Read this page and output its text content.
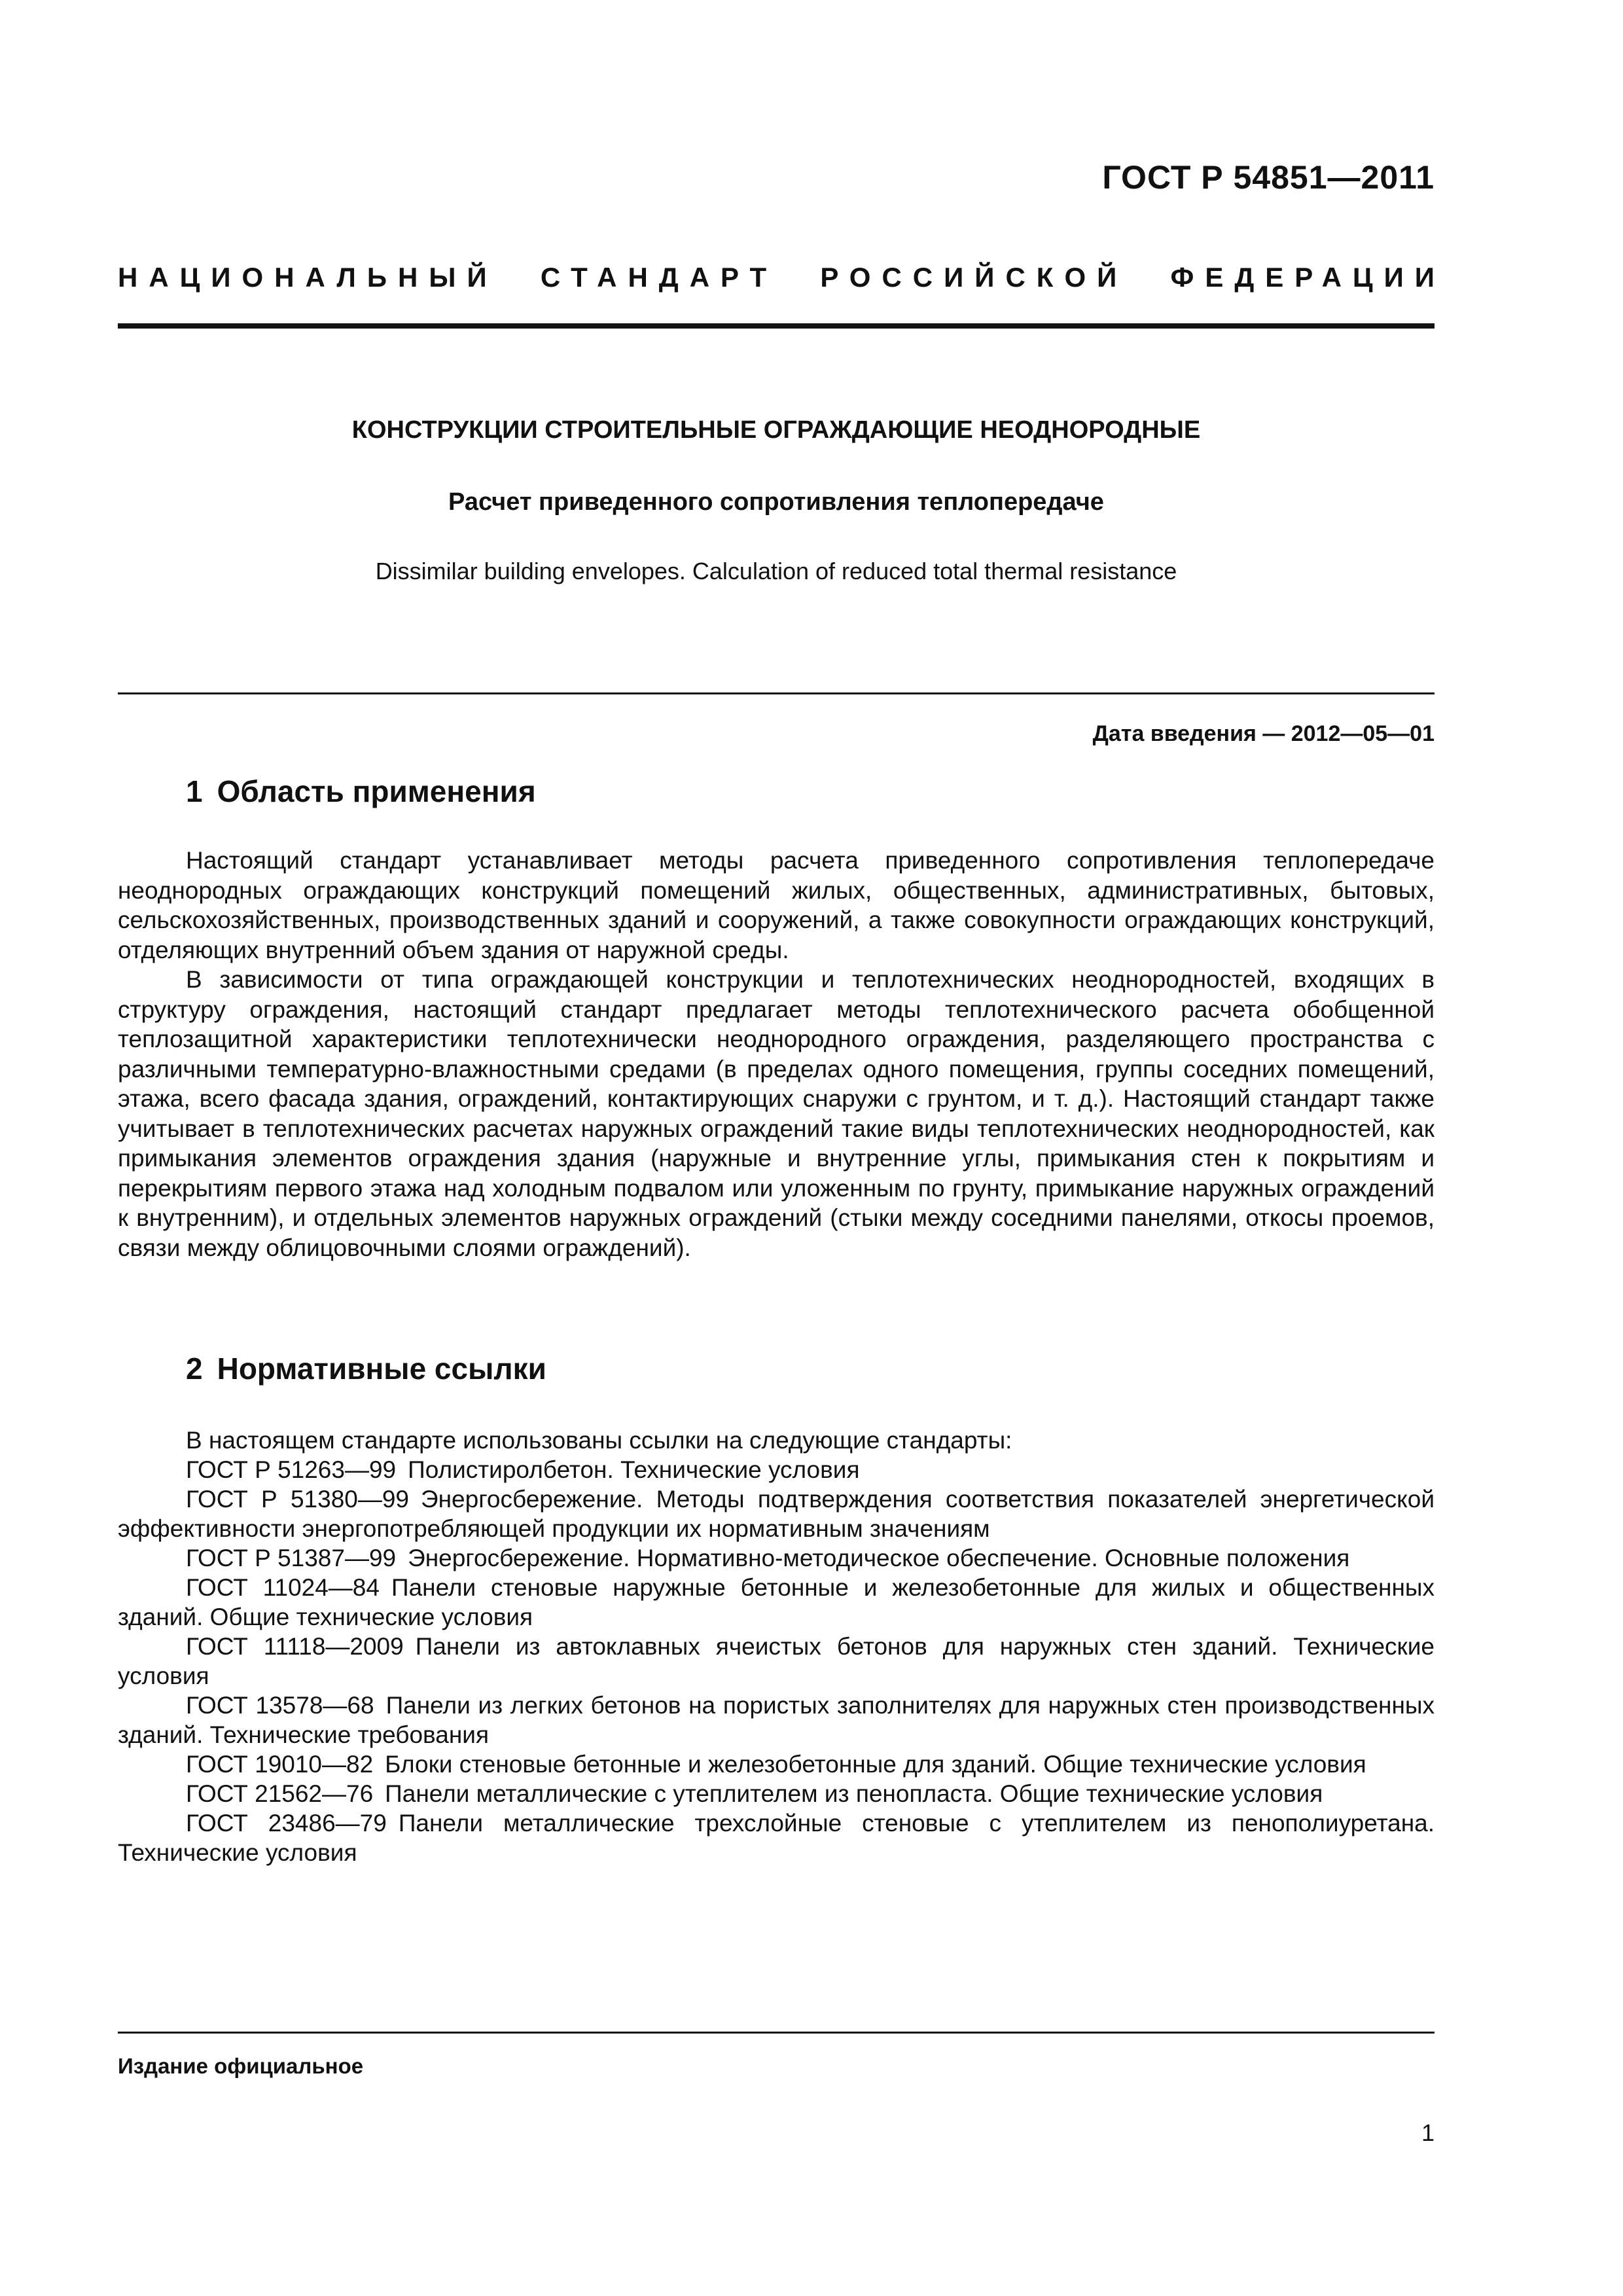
ГОСТ Р 54851—2011
НАЦИОНАЛЬНЫЙ СТАНДАРТ РОССИЙСКОЙ ФЕДЕРАЦИИ
КОНСТРУКЦИИ СТРОИТЕЛЬНЫЕ ОГРАЖДАЮЩИЕ НЕОДНОРОДНЫЕ
Расчет приведенного сопротивления теплопередаче
Dissimilar building envelopes. Calculation of reduced total thermal resistance
Дата введения — 2012—05—01
1 Область применения

Настоящий стандарт устанавливает методы расчета приведенного сопротивления теплопередаче неоднородных ограждающих конструкций помещений жилых, общественных, административных, бытовых, сельскохозяйственных, производственных зданий и сооружений, а также совокупности ограждающих конструкций, отделяющих внутренний объем здания от наружной среды.

В зависимости от типа ограждающей конструкции и теплотехнических неоднородностей, входящих в структуру ограждения, настоящий стандарт предлагает методы теплотехнического расчета обобщенной теплозащитной характеристики теплотехнически неоднородного ограждения, разделяющего пространства с различными температурно-влажностными средами (в пределах одного помещения, группы соседних помещений, этажа, всего фасада здания, ограждений, контактирующих снаружи с грунтом, и т. д.). Настоящий стандарт также учитывает в теплотехнических расчетах наружных ограждений такие виды теплотехнических неоднородностей, как примыкания элементов ограждения здания (наружные и внутренние углы, примыкания стен к покрытиям и перекрытиям первого этажа над холодным подвалом или уложенным по грунту, примыкание наружных ограждений к внутренним), и отдельных элементов наружных ограждений (стыки между соседними панелями, откосы проемов, связи между облицовочными слоями ограждений).

2 Нормативные ссылки

В настоящем стандарте использованы ссылки на следующие стандарты:

ГОСТ Р 51263—99 Полистиролбетон. Технические условия

ГОСТ Р 51380—99 Энергосбережение. Методы подтверждения соответствия показателей энергетической эффективности энергопотребляющей продукции их нормативным значениям

ГОСТ Р 51387—99 Энергосбережение. Нормативно-методическое обеспечение. Основные положения

ГОСТ 11024—84 Панели стеновые наружные бетонные и железобетонные для жилых и общественных зданий. Общие технические условия

ГОСТ 11118—2009 Панели из автоклавных ячеистых бетонов для наружных стен зданий. Технические условия

ГОСТ 13578—68 Панели из легких бетонов на пористых заполнителях для наружных стен производственных зданий. Технические требования

ГОСТ 19010—82 Блоки стеновые бетонные и железобетонные для зданий. Общие технические условия

ГОСТ 21562—76 Панели металлические с утеплителем из пенопласта. Общие технические условия

ГОСТ 23486—79 Панели металлические трехслойные стеновые с утеплителем из пенополиуретана. Технические условия

Издание официальное
1
